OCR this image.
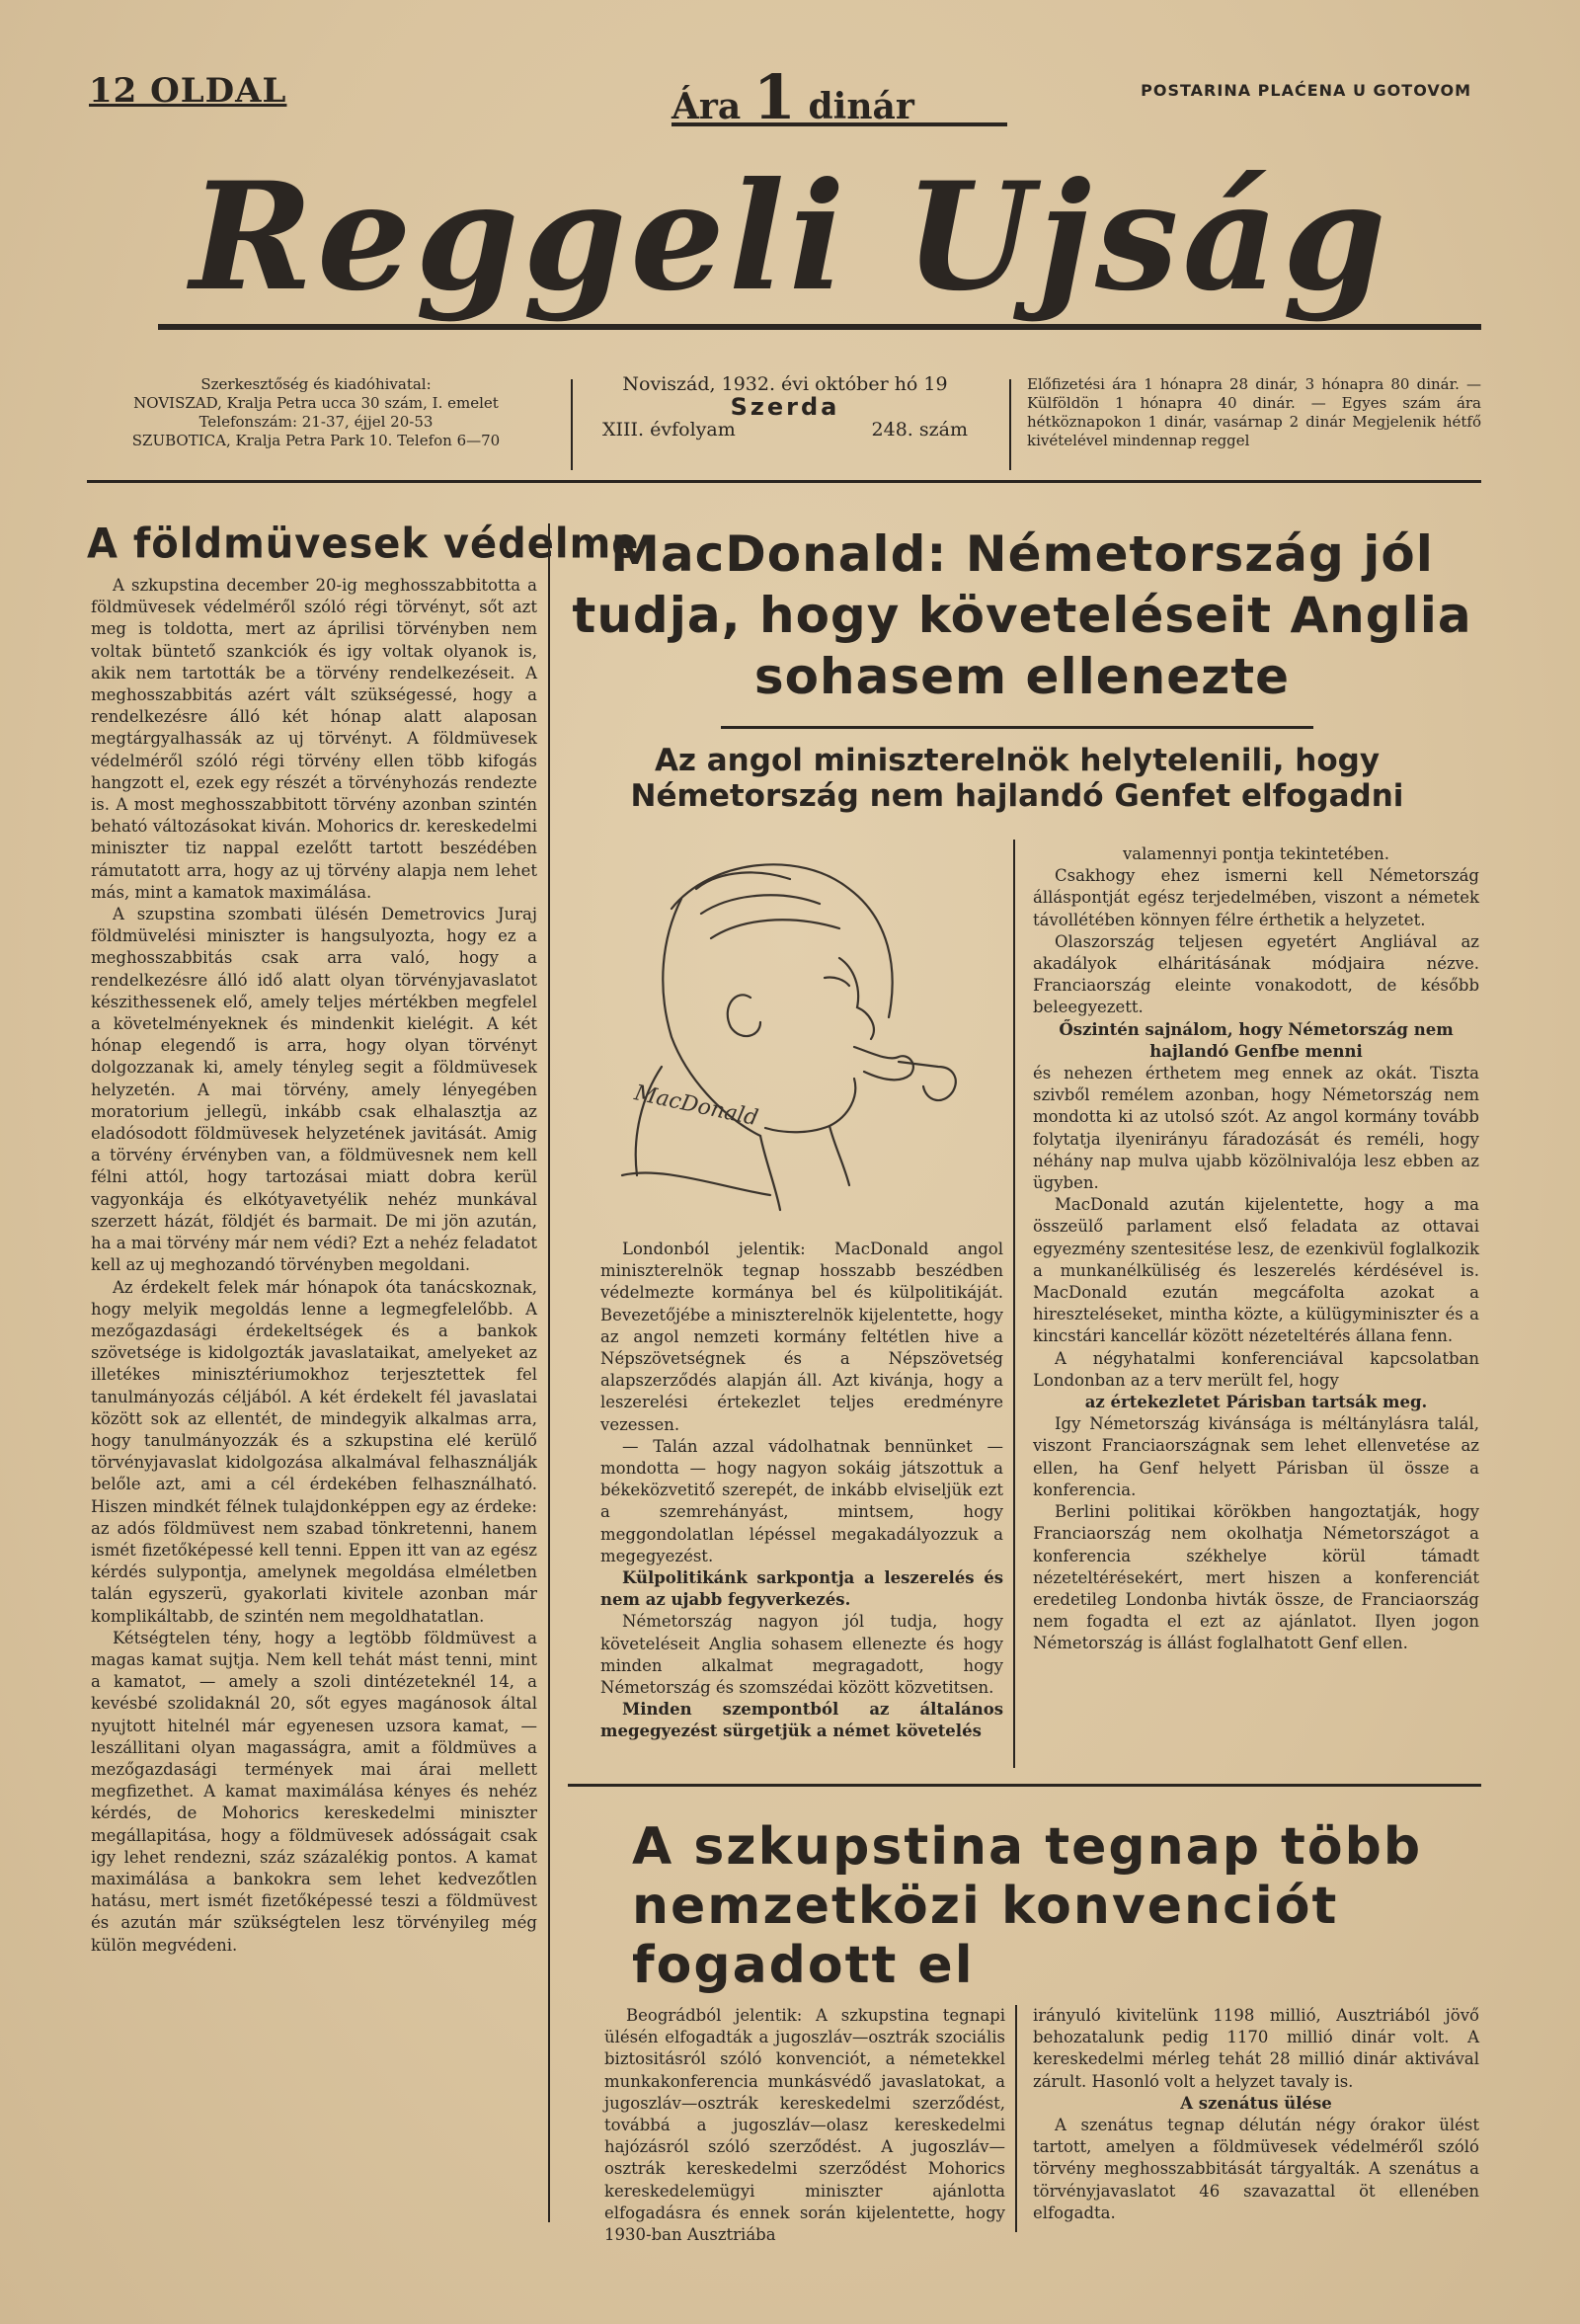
12 OLDAL	Ára 1 dinár	POSTARINA PLAĆENA U GOTOVOM
Reggeli Ujság
Szerkesztőség és kiadóhivatal:
NOVISZAD, Kralja Petra ucca 30 szám, I. emelet
Telefonszám: 21-37, éjjel 20-53
SZUBOTICA, Kralja Petra Park 10. Telefon 6—70
Noviszád, 1932. évi október hó 19
Szerda
XIII. évfolyam	248. szám
Előfizetési ára 1 hónapra 28 dinár, 3 hónapra 80 dinár. — Külföldön 1 hónapra 40 dinár. — Egyes szám ára hétköznapokon 1 dinár, vasárnap 2 dinár Megjelenik hétfő kivételével mindennap reggel
A földmüvesek védelme

A szkupstina december 20-ig meghosszabbitotta a földmüvesek védelméről szóló régi törvényt, sőt azt meg is toldotta, mert az áprilisi törvényben nem voltak büntető szankciók és igy voltak olyanok is, akik nem tartották be a törvény rendelkezéseit. A meghosszabbitás azért vált szükségessé, hogy a rendelkezésre álló két hónap alatt alaposan megtárgyalhassák az uj törvényt. A földmüvesek védelméről szóló régi törvény ellen több kifogás hangzott el, ezek egy részét a törvényhozás rendezte is. A most meghosszabbitott törvény azonban szintén beható változásokat kiván. Mohorics dr. kereskedelmi miniszter tiz nappal ezelőtt tartott beszédében rámutatott arra, hogy az uj törvény alapja nem lehet más, mint a kamatok maximálása.

A szupstina szombati ülésén Demetrovics Juraj földmüvelési miniszter is hangsulyozta, hogy ez a meghosszabbitás csak arra való, hogy a rendelkezésre álló idő alatt olyan törvényjavaslatot készithessenek elő, amely teljes mértékben megfelel a követelményeknek és mindenkit kielégit. A két hónap elegendő is arra, hogy olyan törvényt dolgozzanak ki, amely tényleg segit a földmüvesek helyzetén. A mai törvény, amely lényegében moratorium jellegü, inkább csak elhalasztja az eladósodott földmüvesek helyzetének javitását. Amig a törvény érvényben van, a földmüvesnek nem kell félni attól, hogy tartozásai miatt dobra kerül vagyonkája és elkótyavetyélik nehéz munkával szerzett házát, földjét és barmait. De mi jön azután, ha a mai törvény már nem védi? Ezt a nehéz feladatot kell az uj meghozandó törvényben megoldani.

Az érdekelt felek már hónapok óta tanácskoznak, hogy melyik megoldás lenne a legmegfelelőbb. A mezőgazdasági érdekeltségek és a bankok szövetsége is kidolgozták javaslataikat, amelyeket az illetékes minisztériumokhoz terjesztettek fel tanulmányozás céljából. A két érdekelt fél javaslatai között sok az ellentét, de mindegyik alkalmas arra, hogy tanulmányozzák és a szkupstina elé kerülő törvényjavaslat kidolgozása alkalmával felhasználják belőle azt, ami a cél érdekében felhasználható. Hiszen mindkét félnek tulajdonképpen egy az érdeke: az adós földmüvest nem szabad tönkretenni, hanem ismét fizetőképessé kell tenni. Eppen itt van az egész kérdés sulypontja, amelynek megoldása elméletben talán egyszerü, gyakorlati kivitele azonban már komplikáltabb, de szintén nem megoldhatatlan.

Kétségtelen tény, hogy a legtöbb földmüvest a magas kamat sujtja. Nem kell tehát mást tenni, mint a kamatot, — amely a szoli dintézeteknél 14, a kevésbé szolidaknál 20, sőt egyes magánosok által nyujtott hitelnél már egyenesen uzsora kamat, — leszállitani olyan magasságra, amit a földmüves a mezőgazdasági termények mai árai mellett megfizethet. A kamat maximálása kényes és nehéz kérdés, de Mohorics kereskedelmi miniszter megállapitása, hogy a földmüvesek adósságait csak igy lehet rendezni, száz százalékig pontos. A kamat maximálása a bankokra sem lehet kedvezőtlen hatásu, mert ismét fizetőképessé teszi a földmüvest és azután már szükségtelen lesz törvényileg még külön megvédeni.

MacDonald: Németország jól tudja, hogy követeléseit Anglia sohasem ellenezte
Az angol miniszterelnök helytelenili, hogy Németország nem hajlandó Genfet elfogadni
MacDonald

Londonból jelentik: MacDonald angol miniszterelnök tegnap hosszabb beszédben védelmezte kormánya bel és külpolitikáját. Bevezetőjébe a miniszterelnök kijelentette, hogy az angol nemzeti kormány feltétlen hive a Népszövetségnek és a Népszövetség alapszerződés alapján áll. Azt kivánja, hogy a leszerelési értekezlet teljes eredményre vezessen.

— Talán azzal vádolhatnak bennünket — mondotta — hogy nagyon sokáig játszottuk a békeközvetitő szerepét, de inkább elviseljük ezt a szemrehányást, mintsem, hogy meggondolatlan lépéssel megakadályozzuk a megegyezést.

Külpolitikánk sarkpontja a leszerelés és nem az ujabb fegyverkezés.

Németország nagyon jól tudja, hogy követeléseit Anglia sohasem ellenezte és hogy minden alkalmat megragadott, hogy Németország és szomszédai között közvetitsen.

Minden szempontból az általános megegyezést sürgetjük a német követelés

valamennyi pontja tekintetében.

Csakhogy ehez ismerni kell Németország álláspontját egész terjedelmében, viszont a németek távollétében könnyen félre érthetik a helyzetet.

Olaszország teljesen egyetért Angliával az akadályok elháritásának módjaira nézve. Franciaország eleinte vonakodott, de később beleegyezett.

Őszintén sajnálom, hogy Németország nem hajlandó Genfbe menni

és nehezen érthetem meg ennek az okát. Tiszta szivből remélem azonban, hogy Németország nem mondotta ki az utolsó szót. Az angol kormány tovább folytatja ilyenirányu fáradozását és reméli, hogy néhány nap mulva ujabb közölnivalója lesz ebben az ügyben.

MacDonald azután kijelentette, hogy a ma összeülő parlament első feladata az ottavai egyezmény szentesitése lesz, de ezenkivül foglalkozik a munkanélküliség és leszerelés kérdésével is. MacDonald ezután megcáfolta azokat a hireszteléseket, mintha közte, a külügyminiszter és a kincstári kancellár között nézeteltérés állana fenn.

A négyhatalmi konferenciával kapcsolatban Londonban az a terv merült fel, hogy

az értekezletet Párisban tartsák meg.

Igy Németország kivánsága is méltánylásra talál, viszont Franciaországnak sem lehet ellenvetése az ellen, ha Genf helyett Párisban ül össze a konferencia.

Berlini politikai körökben hangoztatják, hogy Franciaország nem okolhatja Németországot a konferencia székhelye körül támadt nézeteltérésekért, mert hiszen a konferenciát eredetileg Londonba hivták össze, de Franciaország nem fogadta el ezt az ajánlatot. Ilyen jogon Németország is állást foglalhatott Genf ellen.

A szkupstina tegnap több nemzetközi konvenciót fogadott el

Beográdból jelentik: A szkupstina tegnapi ülésén elfogadták a jugoszláv—osztrák szociális biztositásról szóló konvenciót, a németekkel munkakonferencia munkásvédő javaslatokat, a jugoszláv—osztrák kereskedelmi szerződést, továbbá a jugoszláv—olasz kereskedelmi hajózásról szóló szerződést. A jugoszláv—osztrák kereskedelmi szerződést Mohorics kereskedelemügyi miniszter ajánlotta elfogadásra és ennek során kijelentette, hogy 1930-ban Ausztriába

irányuló kivitelünk 1198 millió, Ausztriából jövő behozatalunk pedig 1170 millió dinár volt. A kereskedelmi mérleg tehát 28 millió dinár aktivával zárult. Hasonló volt a helyzet tavaly is.

A szenátus ülése

A szenátus tegnap délután négy órakor ülést tartott, amelyen a földmüvesek védelméről szóló törvény meghosszabbitását tárgyalták. A szenátus a törvényjavaslatot 46 szavazattal öt ellenében elfogadta.
